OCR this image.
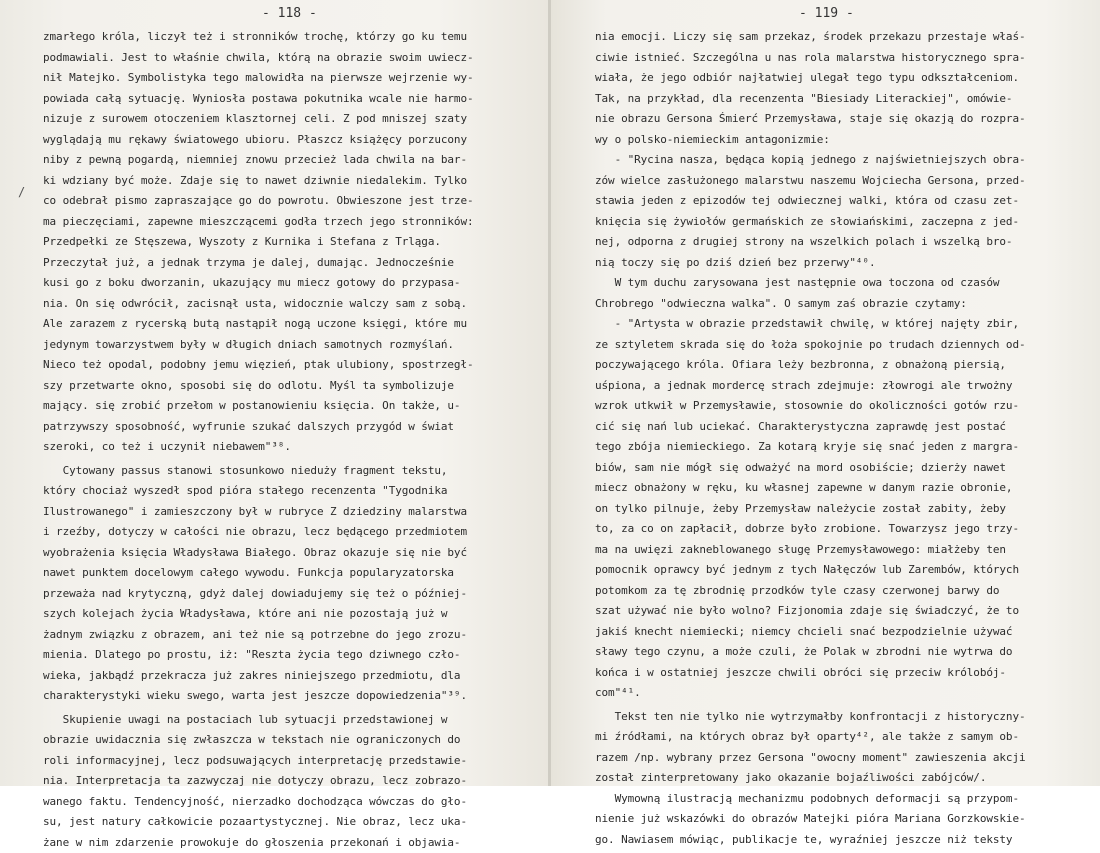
- 118 -
zmarłego króla, liczył też i stronników trochę, którzy go ku temu
podmawiali. Jest to właśnie chwila, którą na obrazie swoim uwiecz-
nił Matejko. Symbolistyka tego malowidła na pierwsze wejrzenie wy-
powiada całą sytuację. Wyniosła postawa pokutnika wcale nie harmo-
nizuje z surowem otoczeniem klasztornej celi. Z pod mniszej szaty
wyglądają mu rękawy światowego ubioru. Płaszcz książęcy porzucony
niby z pewną pogardą, niemniej znowu przecież lada chwila na bar-
ki wdziany być może. Zdaje się to nawet dziwnie niedalekim. Tylko
co odebrał pismo zapraszające go do powrotu. Obwieszone jest trze-
ma pieczęciami, zapewne mieszczącemi godła trzech jego stronników:
Przedpełki ze Stęszewa, Wyszoty z Kurnika i Stefana z Trląga.
Przeczytał już, a jednak trzyma je dalej, dumając. Jednocześnie
kusi go z boku dworzanin, ukazujący mu miecz gotowy do przypasa-
nia. On się odwrócił, zacisnął usta, widocznie walczy sam z sobą.
Ale zarazem z rycerską butą nastąpił nogą uczone księgi, które mu
jedynym towarzystwem były w długich dniach samotnych rozmyślań.
Nieco też opodal, podobny jemu więzień, ptak ulubiony, spostrzegł-
szy przetwarte okno, sposobi się do odlotu. Myśl ta symbolizuje
mający. się zrobić przełom w postanowieniu księcia. On także, u-
patrzywszy sposobność, wyfrunie szukać dalszych przygód w świat
szeroki, co też i uczynił niebawem"³⁸.
Cytowany passus stanowi stosunkowo nieduży fragment tekstu,
który chociaż wyszedł spod pióra stałego recenzenta "Tygodnika
Ilustrowanego" i zamieszczony był w rubryce Z dziedziny malarstwa
i rzeźby, dotyczy w całości nie obrazu, lecz będącego przedmiotem
wyobrażenia księcia Władysława Białego. Obraz okazuje się nie być
nawet punktem docelowym całego wywodu. Funkcja popularyzatorska
przeważa nad krytyczną, gdyż dalej dowiadujemy się też o później-
szych kolejach życia Władysława, które ani nie pozostają już w
żadnym związku z obrazem, ani też nie są potrzebne do jego zrozu-
mienia. Dlatego po prostu, iż: "Reszta życia tego dziwnego czło-
wieka, jakbądź przekracza już zakres niniejszego przedmiotu, dla
charakterystyki wieku swego, warta jest jeszcze dopowiedzenia"³⁹.
Skupienie uwagi na postaciach lub sytuacji przedstawionej w
obrazie uwidacznia się zwłaszcza w tekstach nie ograniczonych do
roli informacyjnej, lecz podsuwających interpretację przedstawie-
nia. Interpretacja ta zazwyczaj nie dotyczy obrazu, lecz zobrazo-
wanego faktu. Tendencyjność, nierzadko dochodząca wówczas do gło-
su, jest natury całkowicie pozaartystycznej. Nie obraz, lecz uka-
żane w nim zdarzenie prowokuje do głoszenia przekonań i objawia-
/
- 119 -
nia emocji. Liczy się sam przekaz, środek przekazu przestaje właś-
ciwie istnieć. Szczególna u nas rola malarstwa historycznego spra-
wiała, że jego odbiór najłatwiej ulegał tego typu odkształceniom.
Tak, na przykład, dla recenzenta "Biesiady Literackiej", omówie-
nie obrazu Gersona Śmierć Przemysława, staje się okazją do rozpra-
wy o polsko-niemieckim antagonizmie:
- "Rycina nasza, będąca kopią jednego z najświetniejszych obra-
zów wielce zasłużonego malarstwu naszemu Wojciecha Gersona, przed-
stawia jeden z epizodów tej odwiecznej walki, która od czasu zet-
knięcia się żywiołów germańskich ze słowiańskimi, zaczepna z jed-
nej, odporna z drugiej strony na wszelkich polach i wszelką bro-
nią toczy się po dziś dzień bez przerwy"⁴⁰.
W tym duchu zarysowana jest następnie owa toczona od czasów
Chrobrego "odwieczna walka". O samym zaś obrazie czytamy:
- "Artysta w obrazie przedstawił chwilę, w której najęty zbir,
ze sztyletem skrada się do łoża spokojnie po trudach dziennych od-
poczywającego króla. Ofiara leży bezbronna, z obnażoną piersią,
uśpiona, a jednak mordercę strach zdejmuje: złowrogi ale trwożny
wzrok utkwił w Przemysławie, stosownie do okoliczności gotów rzu-
cić się nań lub uciekać. Charakterystyczna zaprawdę jest postać
tego zbója niemieckiego. Za kotarą kryje się snać jeden z margra-
biów, sam nie mógł się odważyć na mord osobiście; dzierży nawet
miecz obnażony w ręku, ku własnej zapewne w danym razie obronie,
on tylko pilnuje, żeby Przemysław należycie został zabity, żeby
to, za co on zapłacił, dobrze było zrobione. Towarzysz jego trzy-
ma na uwięzi zakneblowanego sługę Przemysławowego: miałżeby ten
pomocnik oprawcy być jednym z tych Nałęczów lub Zarembów, których
potomkom za tę zbrodnię przodków tyle czasy czerwonej barwy do
szat używać nie było wolno? Fizjonomia zdaje się świadczyć, że to
jakiś knecht niemiecki; niemcy chcieli snać bezpodzielnie używać
sławy tego czynu, a może czuli, że Polak w zbrodni nie wytrwa do
końca i w ostatniej jeszcze chwili obróci się przeciw królobój-
com"⁴¹.
Tekst ten nie tylko nie wytrzymałby konfrontacji z historyczny-
mi źródłami, na których obraz był oparty⁴², ale także z samym ob-
razem /np. wybrany przez Gersona "owocny moment" zawieszenia akcji
został zinterpretowany jako okazanie bojaźliwości zabójców/.
Wymowną ilustracją mechanizmu podobnych deformacji są przypom-
nienie już wskazówki do obrazów Matejki pióra Mariana Gorzkowskie-
go. Nawiasem mówiąc, publikacje te, wyraźniej jeszcze niż teksty
